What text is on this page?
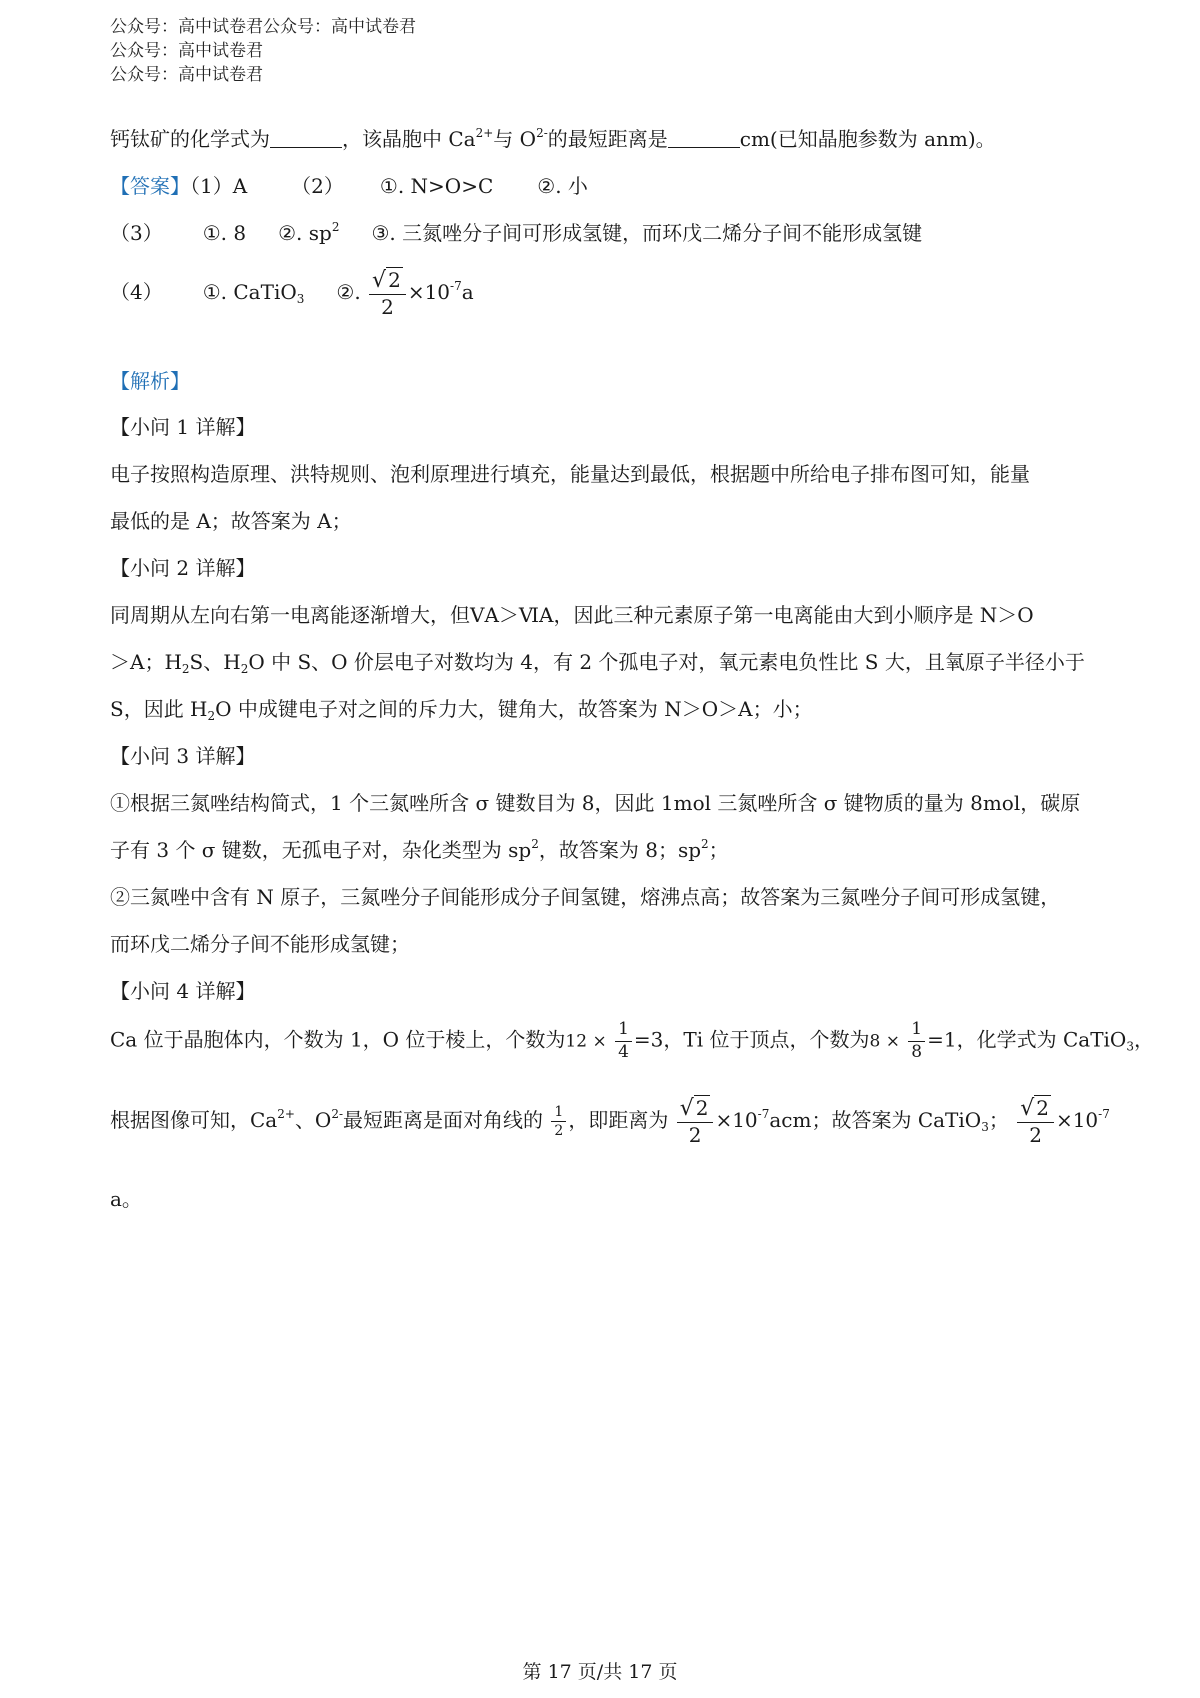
公众号：高中试卷君公众号：高中试卷君
公众号：高中试卷君
公众号：高中试卷君
钙钛矿的化学式为	，该晶胞中 $Ca^{2+}$与 $O^{2-}$的最短距离是	cm(已知晶胞参数为 anm)。
【答案】（1）A （2） ①. N>O>C ②. 小
（3） ①. 8 ②. $sp^2$ ③. 三氮唑分子间可形成氢键，而环戊二烯分子间不能形成氢键
（4） ①. CaTiO$_3$ ②. $\frac{√ 2}{2} \times 10^{-7}a$
【解析】
【小问 1 详解】
电子按照构造原理、洪特规则、泡利原理进行填充，能量达到最低，根据题中所给电子排布图可知，能量
最低的是 A；故答案为 A；
【小问 2 详解】
同周期从左向右第一电离能逐渐增大，但ⅤA＞ⅥA，因此三种元素原子第一电离能由大到小顺序是 N＞O
＞A；$H_2S$、$H_2O$ 中 S、O 价层电子对数均为 4，有 2 个孤电子对，氧元素电负性比 S 大，且氧原子半径小于
S，因此 $H_2O$ 中成键电子对之间的斥力大，键角大，故答案为 N＞O＞A；小；
【小问 3 详解】
①根据三氮唑结构简式，1 个三氮唑所含 σ 键数目为 8，因此 1mol 三氮唑所含 σ 键物质的量为 8mol，碳原
子有 3 个 σ 键数，无孤电子对，杂化类型为 $sp^2$，故答案为 8；$sp^2$；
②三氮唑中含有 N 原子，三氮唑分子间能形成分子间氢键，熔沸点高；故答案为三氮唑分子间可形成氢键，
而环戊二烯分子间不能形成氢键；
【小问 4 详解】
Ca 位于晶胞体内，个数为 1，O 位于棱上，个数为$12 \times \frac{1}{4} =3$，Ti 位于顶点，个数为$8 \times \frac{1}{8} =1$，化学式为 CaTiO$_3$，
根据图像可知，$Ca^{2+}$、$O^{2-}$最短距离是面对角线的 $\frac{1}{2}$ ，即距离为 $\frac{√ 2}{2} \times 10^{-7}acm$；故答案为 CaTiO$_3$； $\frac{√ 2}{2} \times 10^{-7}$
a。
第 17 页/共 17 页
